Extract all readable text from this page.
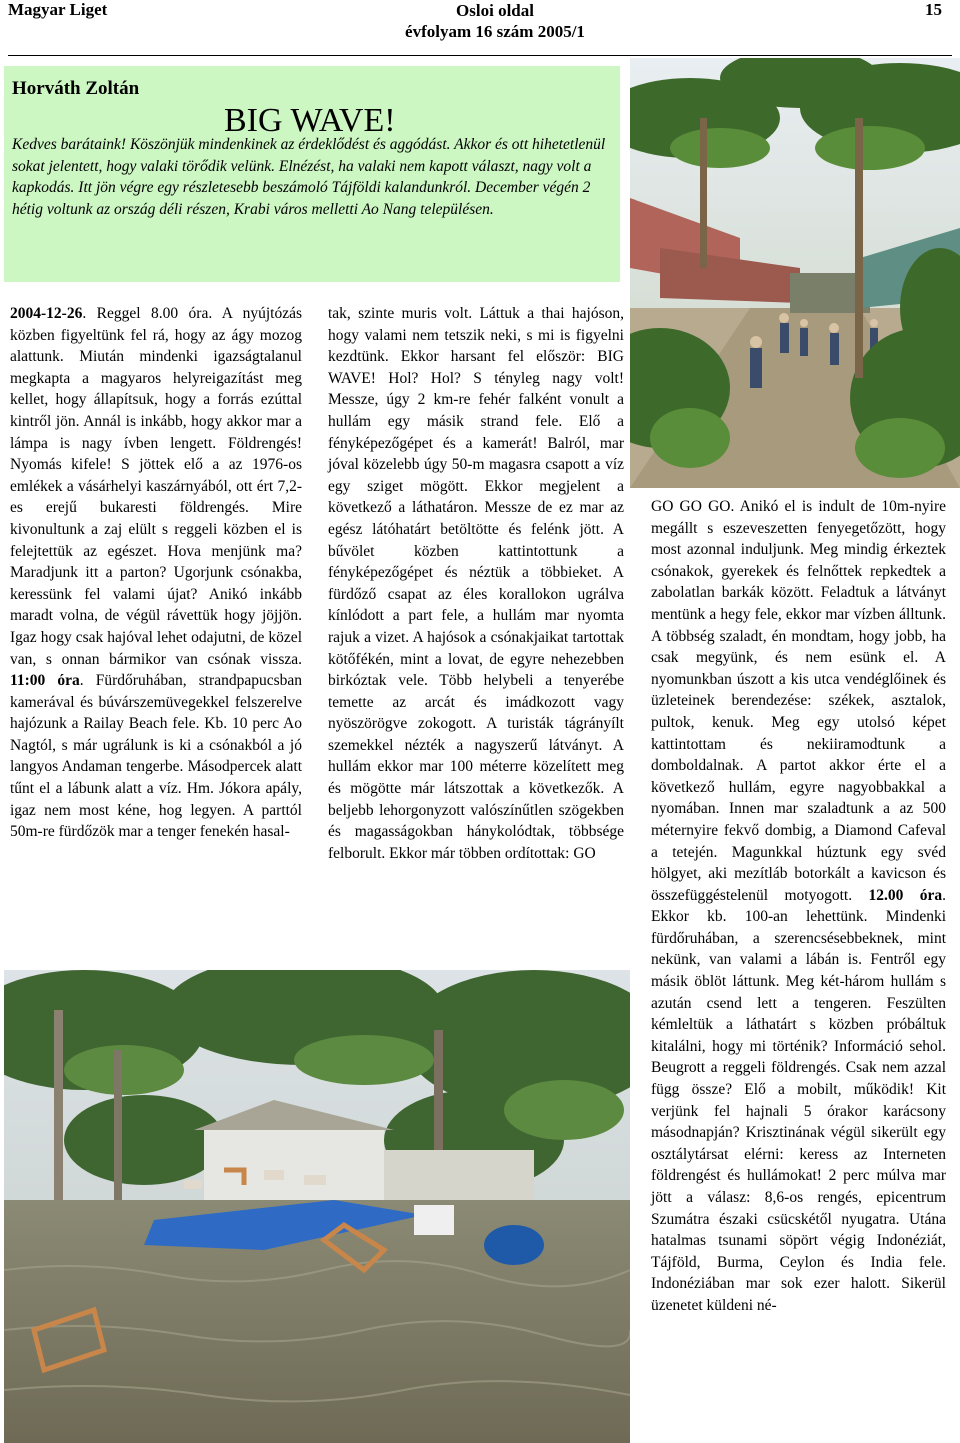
Magyar Liget	Osloi oldal
évfolyam 16 szám 2005/1
15
Horváth Zoltán
BIG WAVE!
Kedves barátaink! Köszönjük mindenkinek az érdeklődést és aggódást. Akkor és ott hihetetlenül sokat jelentett, hogy valaki törődik velünk. Elnézést, ha valaki nem kapott választ, nagy volt a kapkodás. Itt jön végre egy részletesebb beszámoló Tájföldi kalandunkról. December végén 2 hétig voltunk az ország déli részen, Krabi város melletti Ao Nang településen.

2004-12-26. Reggel 8.00 óra. A nyújtózás közben figyeltünk fel rá, hogy az ágy mozog alattunk. Miután mindenki igazságtalanul megkapta a magyaros helyreigazítást meg kellet, hogy állapítsuk, hogy a forrás ezúttal kintről jön. Annál is inkább, hogy akkor mar a lámpa is nagy ívben lengett. Földrengés! Nyomás kifele! S jöttek elő a az 1976-os emlékek a vásárhelyi kaszárnyából, ott ért 7,2-es erejű bukaresti földrengés. Mire kivonultunk a zaj elült s reggeli közben el is felejtettük az egészet. Hova menjünk ma? Maradjunk itt a parton? Ugorjunk csónakba, keressünk fel valami újat? Anikó inkább maradt volna, de végül rávettük hogy jöjjön. Igaz hogy csak hajóval lehet odajutni, de közel van, s onnan bármikor van csónak vissza. 11:00 óra. Fürdőruhában, strandpapucsban kamerával és búvárszemüvegekkel felszerelve hajózunk a Railay Beach fele. Kb. 10 perc Ao Nagtól, s már ugrálunk is ki a csónakból a jó langyos Andaman tengerbe. Másodpercek alatt tűnt el a lábunk alatt a víz. Hm. Jókora apály, igaz nem most kéne, hog legyen. A parttól 50m-re fürdőzök mar a tenger fenekén hasal-

tak, szinte muris volt. Láttuk a thai hajóson, hogy valami nem tetszik neki, s mi is figyelni kezdtünk. Ekkor harsant fel először: BIG WAVE! Hol? Hol? S tényleg nagy volt! Messze, úgy 2 km-re fehér falként vonult a hullám egy másik strand fele. Elő a fényképezőgépet és a kamerát! Balról, mar jóval közelebb úgy 50-m magasra csapott a víz egy sziget mögött. Ekkor megjelent a következő a láthatáron. Messze de ez mar az egész látóhatárt betöltötte és felénk jött. A bűvölet közben kattintottunk a fényképezőgépet és néztük a többieket. A fürdőző csapat az éles korallokon ugrálva kínlódott a part fele, a hullám mar nyomta rajuk a vizet. A hajósok a csónakjaikat tartottak kötőfékén, mint a lovat, de egyre nehezebben birkóztak vele. Több helybeli a tenyerébe temette az arcát és imádkozott vagy nyöszörögve zokogott. A turisták tágrányílt szemekkel nézték a nagyszerű látványt. A hullám ekkor mar 100 méterre közelített meg és mögötte már látszottak a következők. A beljebb lehorgonyzott valószínűtlen szögekben és magasságokban hánykolódtak, többsége felborult. Ekkor már többen ordítottak: GO

GO GO GO. Anikó el is indult de 10m-nyire megállt s eszeveszetten fenyegetőzött, hogy most azonnal induljunk. Meg mindig érkeztek csónakok, gyerekek és felnőttek repkedtek a zabolatlan barkák között. Feladtuk a látványt mentünk a hegy fele, ekkor mar vízben álltunk. A többség szaladt, én mondtam, hogy jobb, ha csak megyünk, és nem esünk el. A nyomunkban úszott a kis utca vendéglőinek és üzleteinek berendezése: székek, asztalok, pultok, kenuk. Meg egy utolsó képet kattintottam és nekiiramodtunk a domboldalnak. A partot akkor érte el a következő hullám, egyre nagyobbakkal a nyomában. Innen mar szaladtunk a az 500 méternyire fekvő dombig, a Diamond Cafeval a tetején. Magunkkal húztunk egy svéd hölgyet, aki mezítláb botorkált a kavicson és összefüggéstelenül motyogott. 12.00 óra. Ekkor kb. 100-an lehettünk. Mindenki fürdőruhában, a szerencsésebbeknek, mint nekünk, van valami a lábán is. Fentről egy másik öblöt láttunk. Meg két-három hullám s azután csend lett a tengeren. Feszülten kémleltük a láthatárt s közben próbáltuk kitalálni, hogy mi történik? Információ sehol. Beugrott a reggeli földrengés. Csak nem azzal függ össze? Elő a mobilt, működik! Kit verjünk fel hajnali 5 órakor karácsony másodnapján? Krisztinának végül sikerült egy osztálytársat elérni: keress az Interneten földrengést és hullámokat! 2 perc múlva mar jött a válasz: 8,6-os rengés, epicentrum Szumátra északi csücskétől nyugatra. Utána hatalmas tsunami söpört végig Indonéziát, Tájföld, Burma, Ceylon és India fele. Indonéziában mar sok ezer halott. Sikerül üzenetet küldeni né-
